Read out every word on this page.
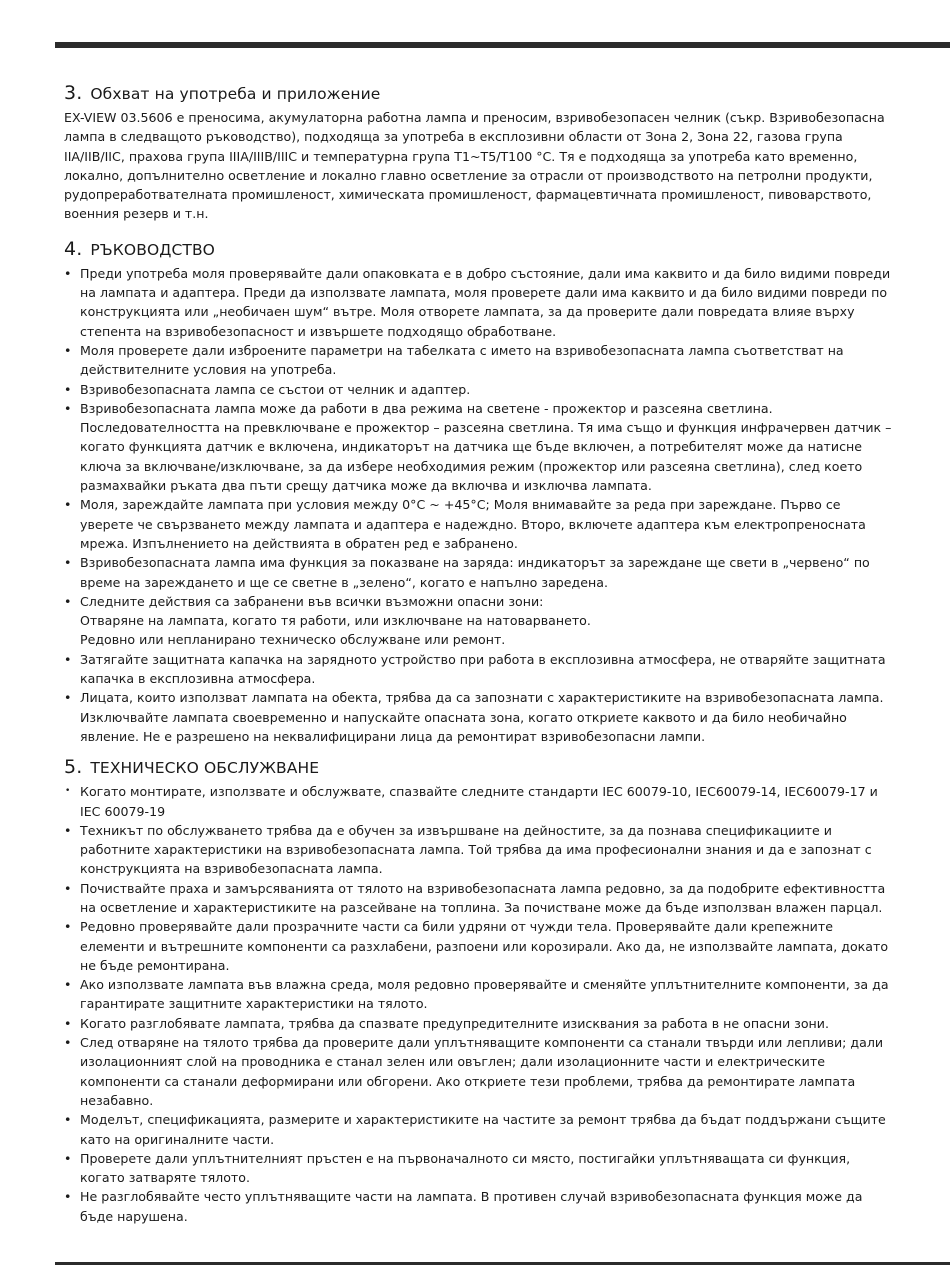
3. Обхват на употреба и приложение

EX-VIEW 03.5606 е преносима, акумулаторна работна лампа и преносим, взривобезопасен челник (съкр. Взривобезопасна лампа в следващото ръководство), подходяща за употреба в експлозивни области от Зона 2, Зона 22, газова група IIA/IIB/IIC, прахова група IIIA/IIIB/IIIC и температурна група T1~T5/T100 °C. Тя е подходяща за употреба като временно, локално, допълнително осветление и локално главно осветление за отрасли от производството на петролни продукти, рудопреработвателната промишленост, химическата промишленост, фармацевтичната промишленост, пивоварството, военния резерв и т.н.

4. РЪКОВОДСТВО
• Преди употреба моля проверявайте дали опаковката е в добро състояние, дали има каквито и да било видими повреди на лампата и адаптера. Преди да използвате лампата, моля проверете дали има каквито и да било видими повреди по конструкцията или „необичаен шум“ вътре. Моля отворете лампата, за да проверите дали повредата влияе върху степента на взривобезопасност и извършете подходящо обработване.
• Моля проверете дали изброените параметри на табелката с името на взривобезопасната лампа съответстват на действителните условия на употреба.
• Взривобезопасната лампа се състои от челник и адаптер.
• Взривобезопасната лампа може да работи в два режима на светене - прожектор и разсеяна светлина. Последователността на превключване е прожектор – разсеяна светлина. Тя има също и функция инфрачервен датчик – когато функцията датчик е включена, индикаторът на датчика ще бъде включен, а потребителят може да натисне ключа за включване/изключване, за да избере необходимия режим (прожектор или разсеяна светлина), след което размахвайки ръката два пъти срещу датчика може да включва и изключва лампата.
• Моля, зареждайте лампата при условия между 0°C ~ +45°C; Моля внимавайте за реда при зареждане. Първо се уверете че свързването между лампата и адаптера е надеждно. Второ, включете адаптера към електропреносната мрежа. Изпълнението на действията в обратен ред е забранено.
• Взривобезопасната лампа има функция за показване на заряда: индикаторът за зареждане ще свети в „червено“ по време на зареждането и ще се светне в „зелено“, когато е напълно заредена.
• Следните действия са забранени във всички възможни опасни зони:
Отваряне на лампата, когато тя работи, или изключване на натоварването.
Редовно или непланирано техническо обслужване или ремонт.
• Затягайте защитната капачка на зарядното устройство при работа в експлозивна атмосфера, не отваряйте защитната капачка в експлозивна атмосфера.
• Лицата, които използват лампата на обекта, трябва да са запознати с характеристиките на взривобезопасната лампа. Изключвайте лампата своевременно и напускайте опасната зона, когато откриете каквото и да било необичайно явление. Не е разрешено на неквалифицирани лица да ремонтират взривобезопасни лампи.
5. ТЕХНИЧЕСКО ОБСЛУЖВАНЕ
• Когато монтирате, използвате и обслужвате, спазвайте следните стандарти IEC 60079-10, IEC60079-14, IEC60079-17 и IEC 60079-19
• Техникът по обслужването трябва да е обучен за извършване на дейностите, за да познава спецификациите и работните характеристики на взривобезопасната лампа. Той трябва да има професионални знания и да е запознат с конструкцията на взривобезопасната лампа.
• Почиствайте праха и замърсяванията от тялото на взривобезопасната лампа редовно, за да подобрите ефективността на осветление и характеристиките на разсейване на топлина. За почистване може да бъде използван влажен парцал.
• Редовно проверявайте дали прозрачните части са били удряни от чужди тела. Проверявайте дали крепежните елементи и вътрешните компоненти са разхлабени, разпоени или корозирали. Ако да, не използвайте лампата, докато не бъде ремонтирана.
• Ако използвате лампата във влажна среда, моля редовно проверявайте и сменяйте уплътнителните компоненти, за да гарантирате защитните характеристики на тялото.
• Когато разглобявате лампата, трябва да спазвате предупредителните изисквания за работа в не опасни зони.
• След отваряне на тялото трябва да проверите дали уплътняващите компоненти са станали твърди или лепливи; дали изолационният слой на проводника е станал зелен или овъглен; дали изолационните части и електрическите компоненти са станали деформирани или обгорени. Ако откриете тези проблеми, трябва да ремонтирате лампата незабавно.
• Моделът, спецификацията, размерите и характеристиките на частите за ремонт трябва да бъдат поддържани същите като на оригиналните части.
• Проверете дали уплътнителният пръстен е на първоначалното си място, постигайки уплътняващата си функция, когато затваряте тялото.
• Не разглобявайте често уплътняващите части на лампата. В противен случай взривобезопасната функция може да бъде нарушена.
